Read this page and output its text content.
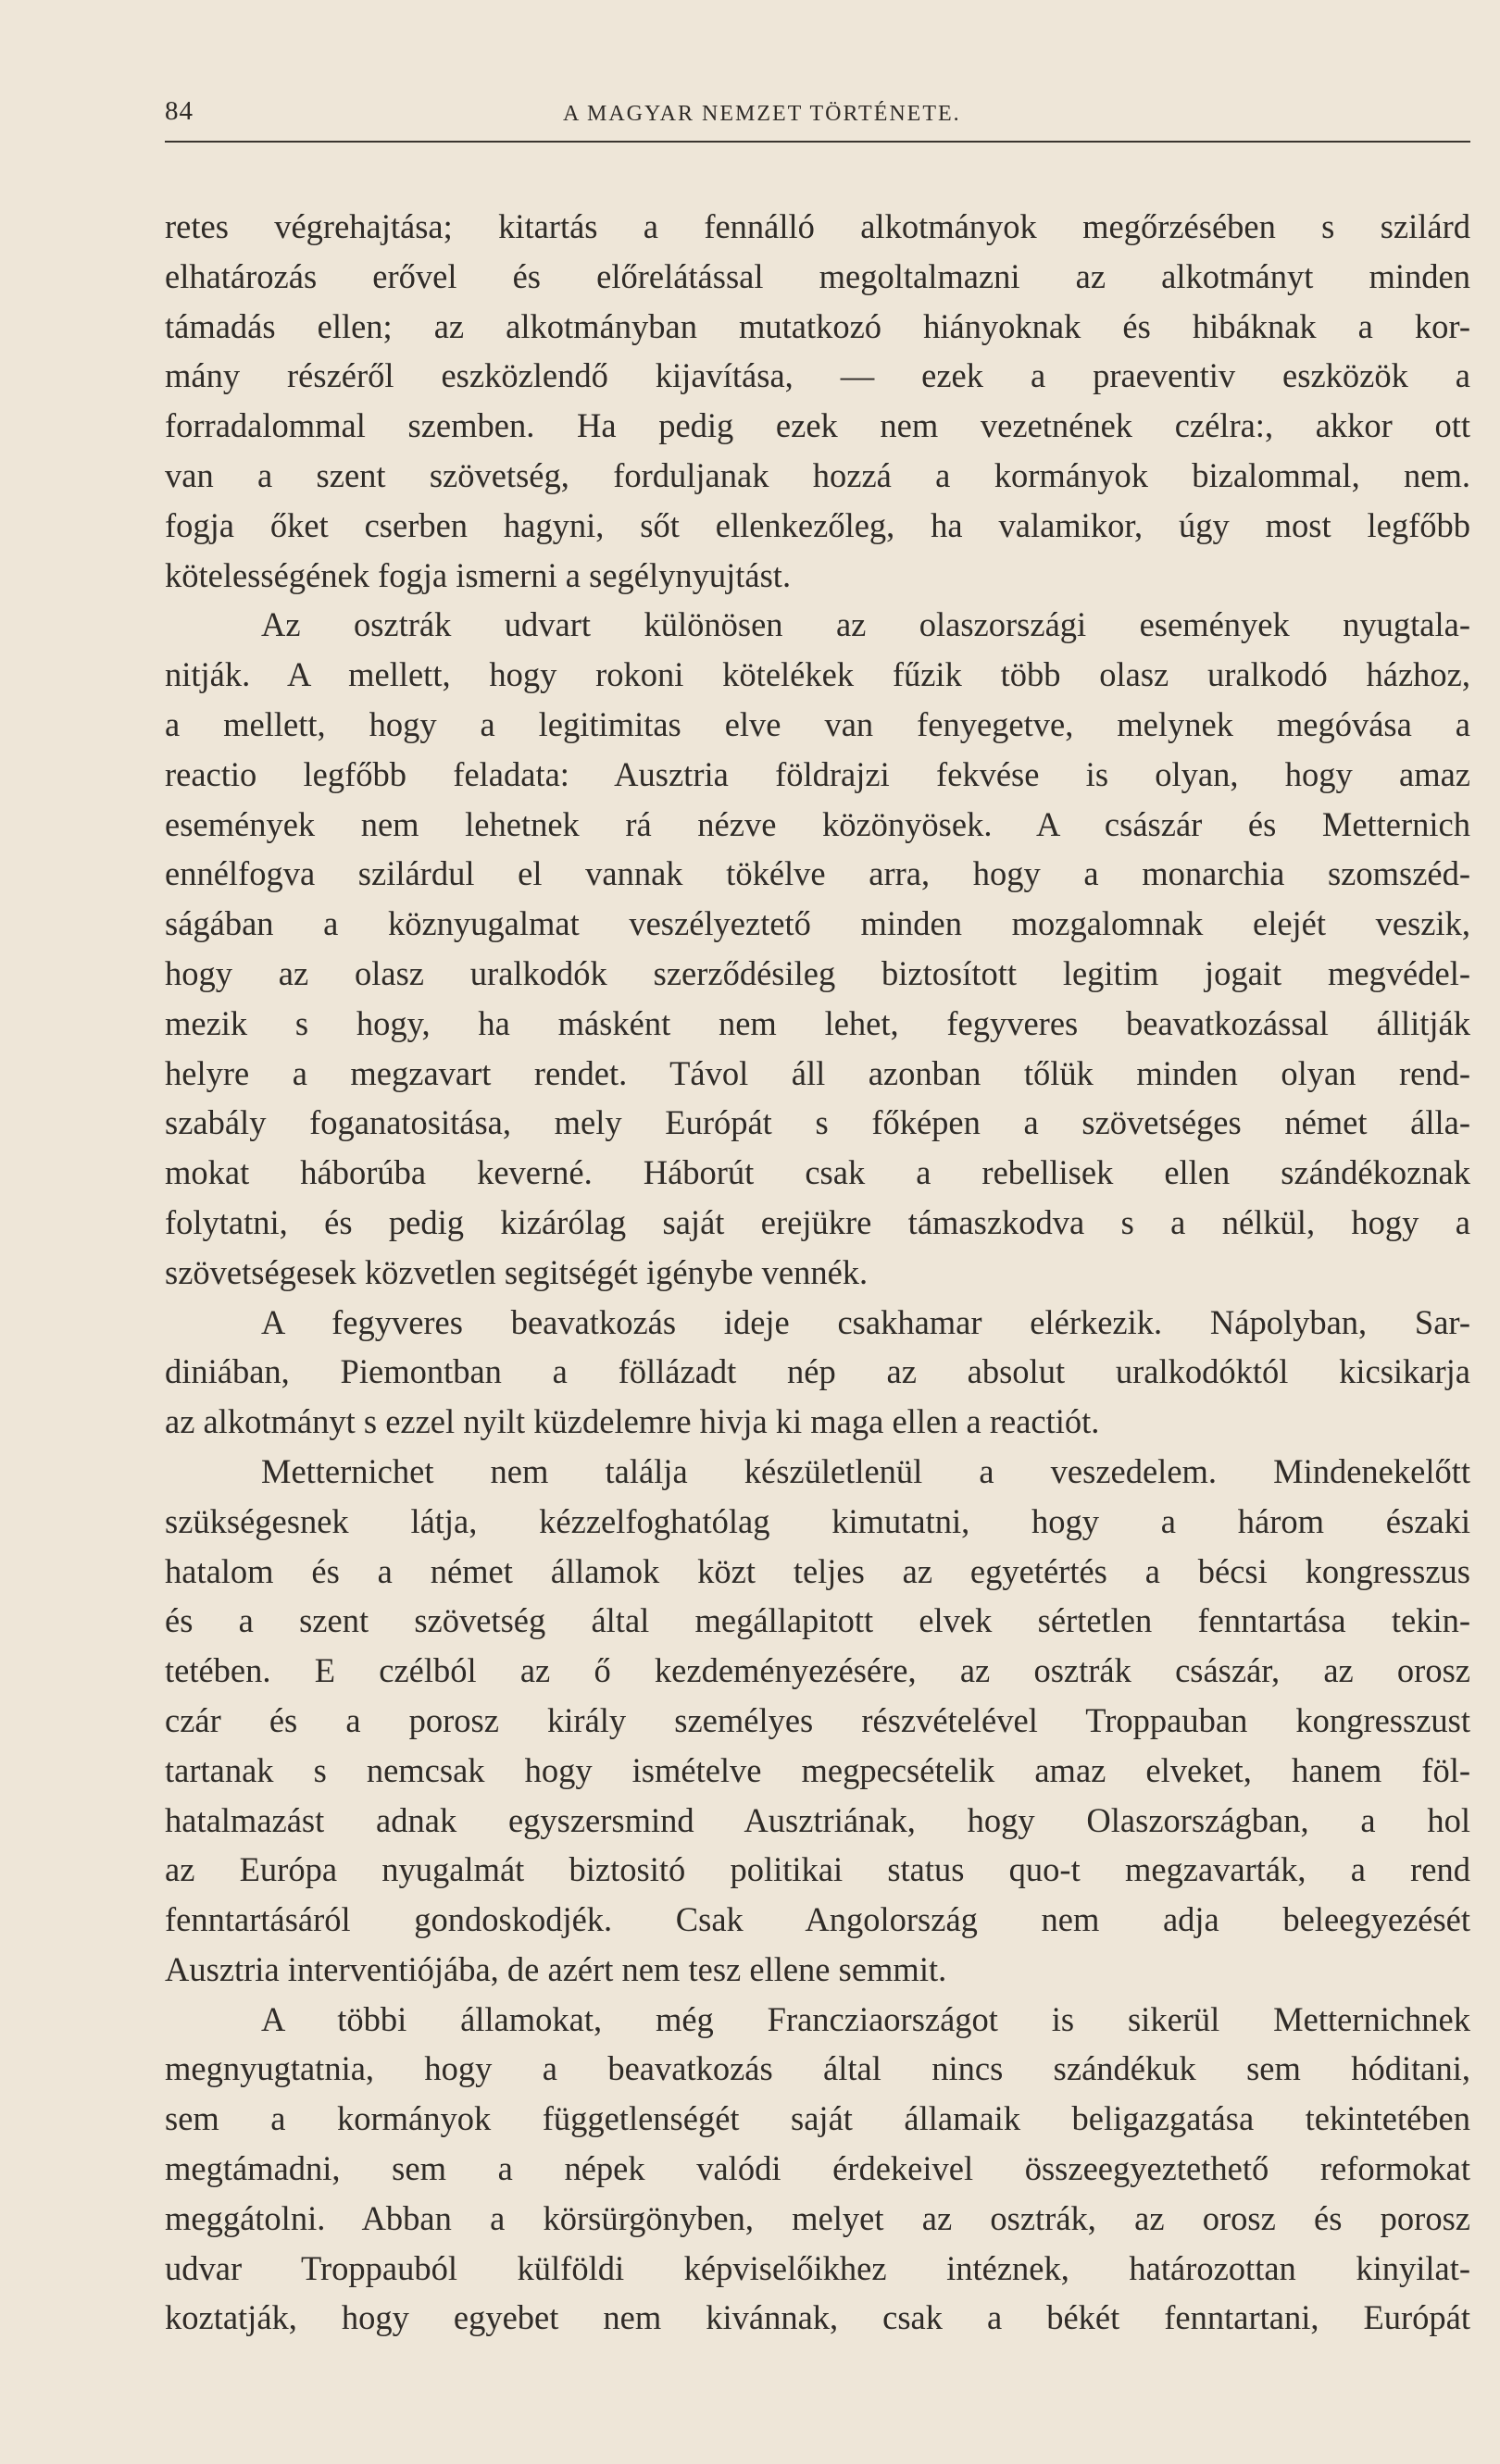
84	A MAGYAR NEMZET TÖRTÉNETE.

retes végrehajtása; kitartás a fennálló alkotmányok megőrzésében s szilárd

elhatározás erővel és előrelátással megoltalmazni az alkotmányt minden

támadás ellen; az alkotmányban mutatkozó hiányoknak és hibáknak a kor-

mány részéről eszközlendő kijavítása, — ezek a praeventiv eszközök a

forradalommal szemben. Ha pedig ezek nem vezetnének czélra:, akkor ott

van a szent szövetség, forduljanak hozzá a kormányok bizalommal, nem.

fogja őket cserben hagyni, sőt ellenkezőleg, ha valamikor, úgy most legfőbb

kötelességének fogja ismerni a segélynyujtást.

Az osztrák udvart különösen az olaszországi események nyugtala-

nitják. A mellett, hogy rokoni kötelékek fűzik több olasz uralkodó házhoz,

a mellett, hogy a legitimitas elve van fenyegetve, melynek megóvása a

reactio legfőbb feladata: Ausztria földrajzi fekvése is olyan, hogy amaz

események nem lehetnek rá nézve közönyösek. A császár és Metternich

ennélfogva szilárdul el vannak tökélve arra, hogy a monarchia szomszéd-

ságában a köznyugalmat veszélyeztető minden mozgalomnak elejét veszik,

hogy az olasz uralkodók szerződésileg biztosított legitim jogait megvédel-

mezik s hogy, ha másként nem lehet, fegyveres beavatkozással állitják

helyre a megzavart rendet. Távol áll azonban tőlük minden olyan rend-

szabály foganatositása, mely Európát s főképen a szövetséges német álla-

mokat háborúba keverné. Háborút csak a rebellisek ellen szándékoznak

folytatni, és pedig kizárólag saját erejükre támaszkodva s a nélkül, hogy a

szövetségesek közvetlen segitségét igénybe vennék.

A fegyveres beavatkozás ideje csakhamar elérkezik. Nápolyban, Sar-

diniában, Piemontban a föllázadt nép az absolut uralkodóktól kicsikarja

az alkotmányt s ezzel nyilt küzdelemre hivja ki maga ellen a reactiót.

Metternichet nem találja készületlenül a veszedelem. Mindenekelőtt

szükségesnek látja, kézzelfoghatólag kimutatni, hogy a három északi

hatalom és a német államok közt teljes az egyetértés a bécsi kongresszus

és a szent szövetség által megállapitott elvek sértetlen fenntartása tekin-

tetében. E czélból az ő kezdeményezésére, az osztrák császár, az orosz

czár és a porosz király személyes részvételével Troppauban kongresszust

tartanak s nemcsak hogy ismételve megpecsételik amaz elveket, hanem föl-

hatalmazást adnak egyszersmind Ausztriának, hogy Olaszországban, a hol

az Európa nyugalmát biztositó politikai status quo-t megzavarták, a rend

fenntartásáról gondoskodjék. Csak Angolország nem adja beleegyezését

Ausztria interventiójába, de azért nem tesz ellene semmit.

A többi államokat, még Francziaországot is sikerül Metternichnek

megnyugtatnia, hogy a beavatkozás által nincs szándékuk sem hóditani,

sem a kormányok függetlenségét saját államaik beligazgatása tekintetében

megtámadni, sem a népek valódi érdekeivel összeegyeztethető reformokat

meggátolni. Abban a körsürgönyben, melyet az osztrák, az orosz és porosz

udvar Troppauból külföldi képviselőikhez intéznek, határozottan kinyilat-

koztatják, hogy egyebet nem kivánnak, csak a békét fenntartani, Európát
